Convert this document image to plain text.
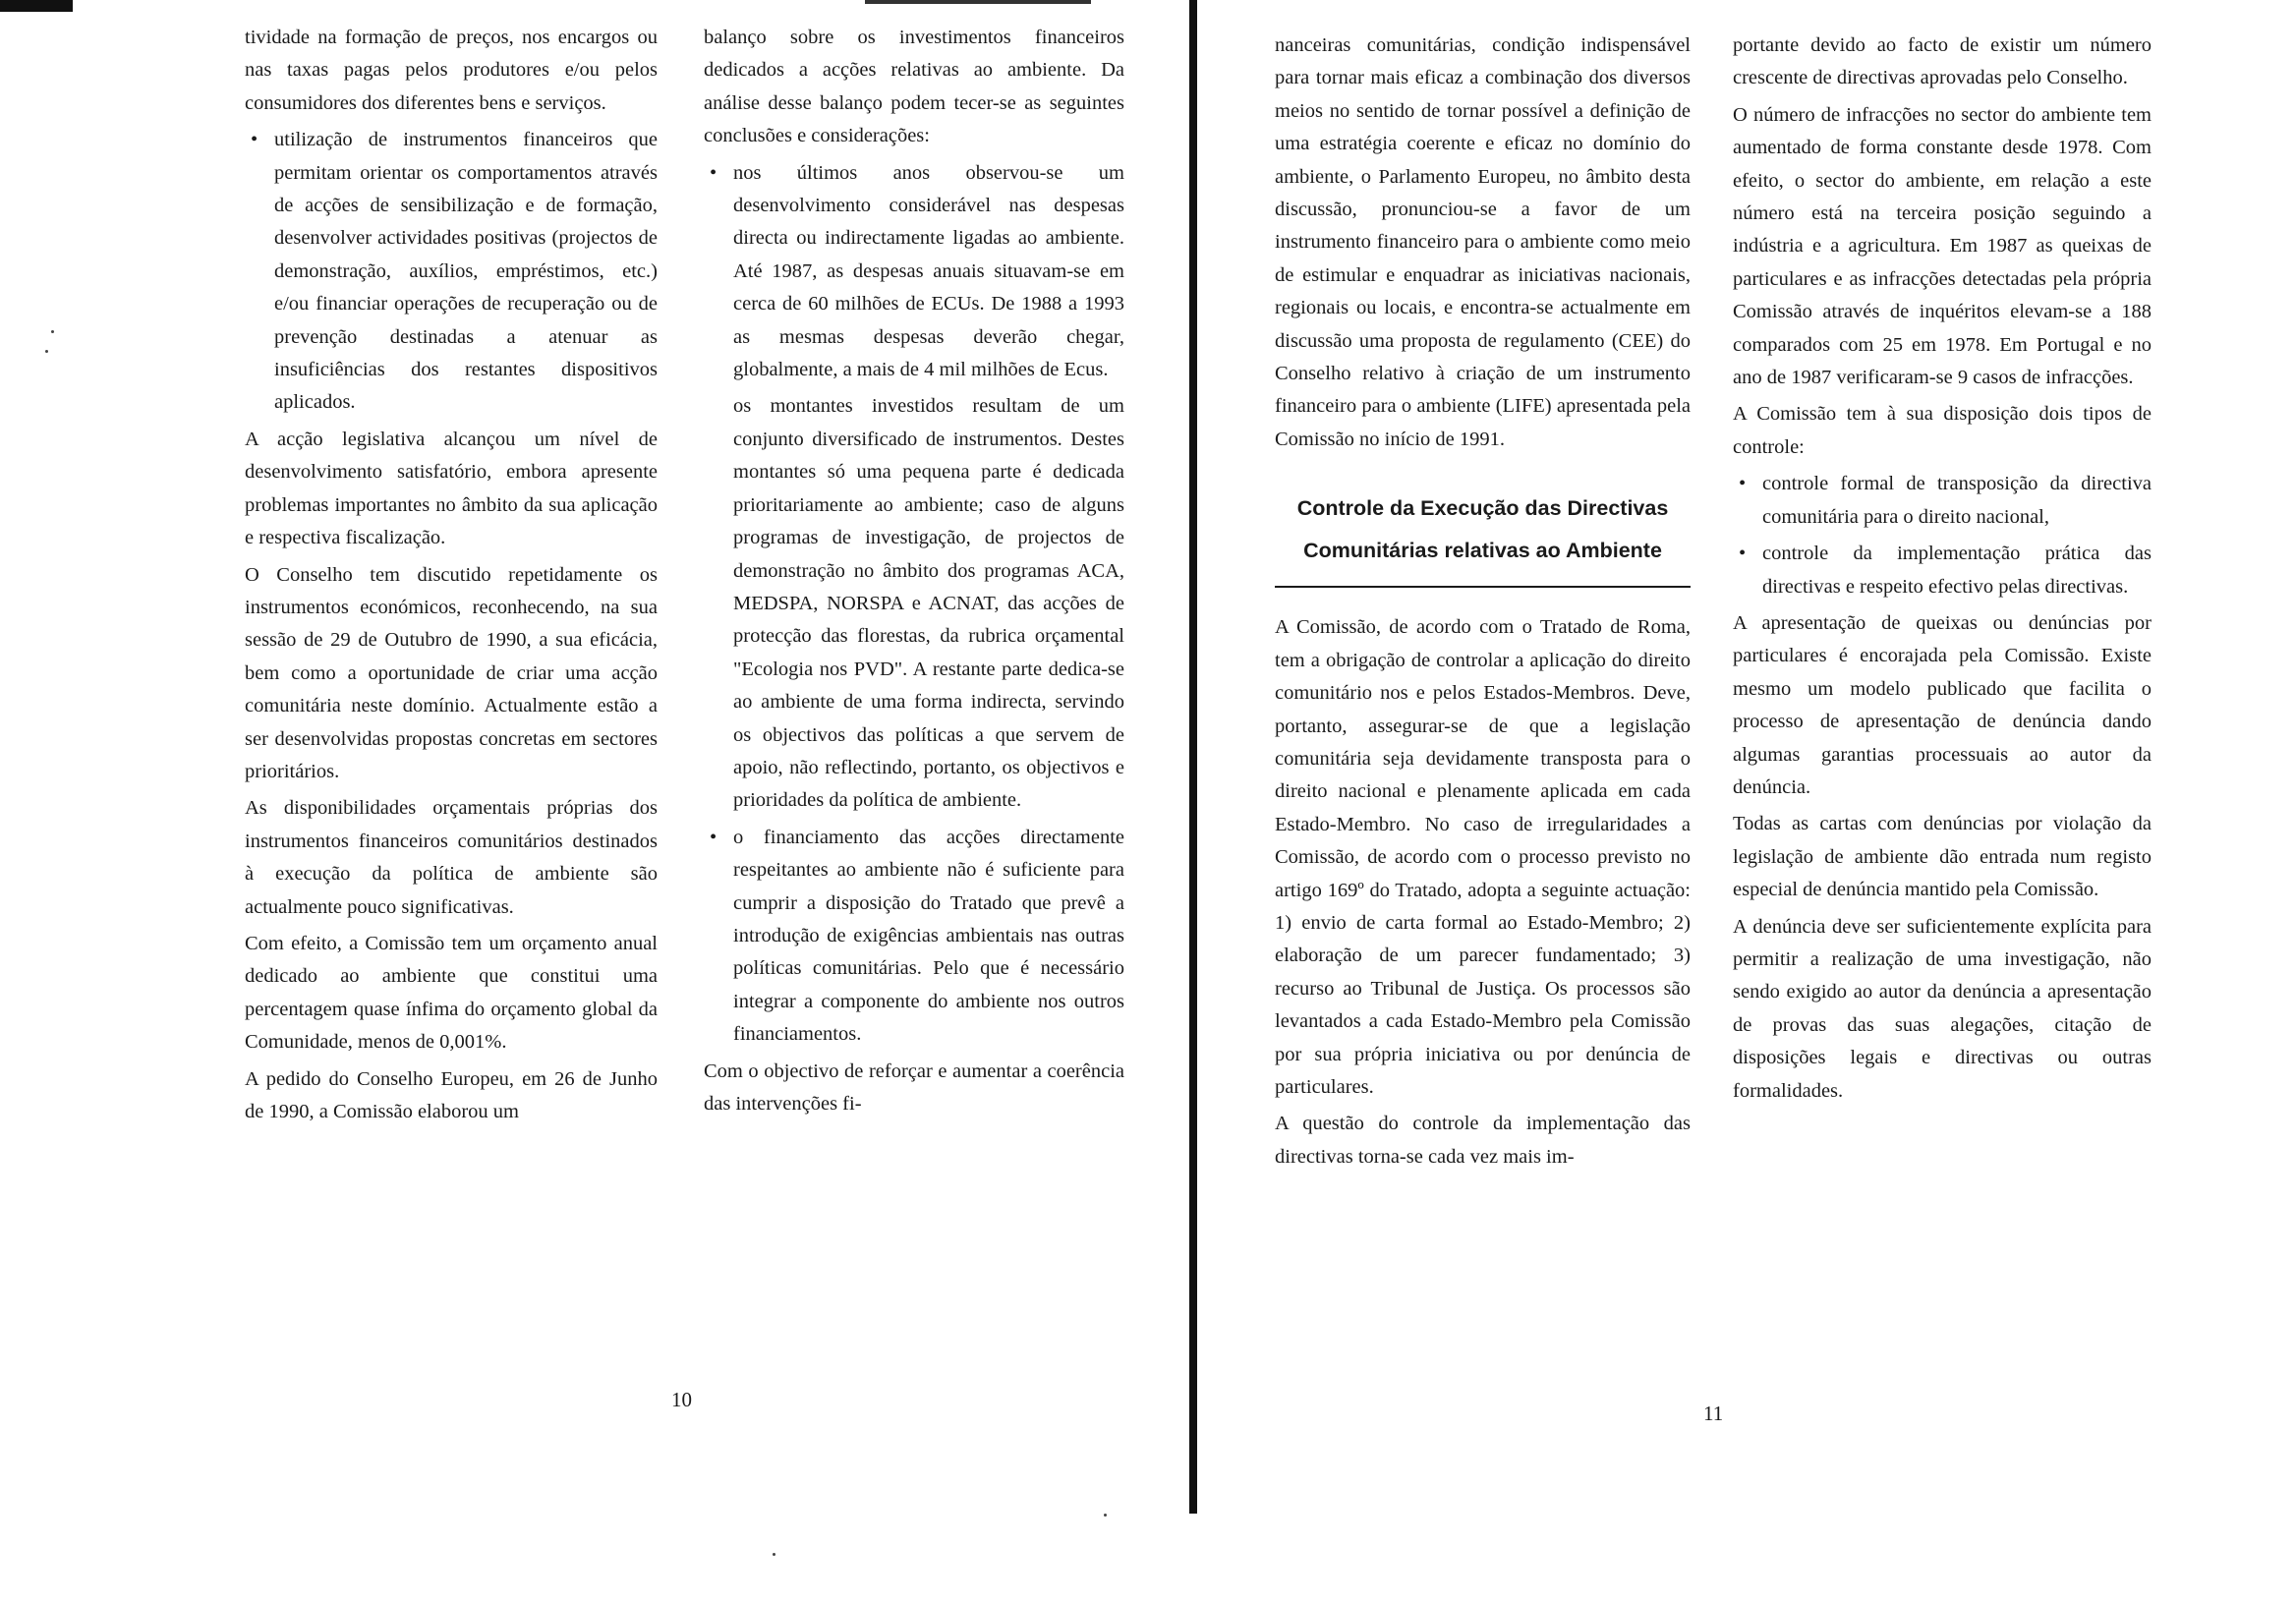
tividade na formação de preços, nos encargos ou nas taxas pagas pelos produtores e/ou pelos consumidores dos diferentes bens e serviços.
• utilização de instrumentos financeiros que permitam orientar os comportamentos através de acções de sensibilização e de formação, desenvolver actividades positivas (projectos de demonstração, auxílios, empréstimos, etc.) e/ou financiar operações de recuperação ou de prevenção destinadas a atenuar as insuficiências dos restantes dispositivos aplicados.

A acção legislativa alcançou um nível de desenvolvimento satisfatório, embora apresente problemas importantes no âmbito da sua aplicação e respectiva fiscalização.

O Conselho tem discutido repetidamente os instrumentos económicos, reconhecendo, na sua sessão de 29 de Outubro de 1990, a sua eficácia, bem como a oportunidade de criar uma acção comunitária neste domínio. Actualmente estão a ser desenvolvidas propostas concretas em sectores prioritários.

As disponibilidades orçamentais próprias dos instrumentos financeiros comunitários destinados à execução da política de ambiente são actualmente pouco significativas.

Com efeito, a Comissão tem um orçamento anual dedicado ao ambiente que constitui uma percentagem quase ínfima do orçamento global da Comunidade, menos de 0,001%.

A pedido do Conselho Europeu, em 26 de Junho de 1990, a Comissão elaborou um

balanço sobre os investimentos financeiros dedicados a acções relativas ao ambiente. Da análise desse balanço podem tecer-se as seguintes conclusões e considerações:

• nos últimos anos observou-se um desenvolvimento considerável nas despesas directa ou indirectamente ligadas ao ambiente. Até 1987, as despesas anuais situavam-se em cerca de 60 milhões de ECUs. De 1988 a 1993 as mesmas despesas deverão chegar, globalmente, a mais de 4 mil milhões de Ecus.
os montantes investidos resultam de um conjunto diversificado de instrumentos. Destes montantes só uma pequena parte é dedicada prioritariamente ao ambiente; caso de alguns programas de investigação, de projectos de demonstração no âmbito dos programas ACA, MEDSPA, NORSPA e ACNAT, das acções de protecção das florestas, da rubrica orçamental "Ecologia nos PVD". A restante parte dedica-se ao ambiente de uma forma indirecta, servindo os objectivos das políticas a que servem de apoio, não reflectindo, portanto, os objectivos e prioridades da política de ambiente.
• o financiamento das acções directamente respeitantes ao ambiente não é suficiente para cumprir a disposição do Tratado que prevê a introdução de exigências ambientais nas outras políticas comunitárias. Pelo que é necessário integrar a componente do ambiente nos outros financiamentos.

Com o objectivo de reforçar e aumentar a coerência das intervenções fi-

10

nanceiras comunitárias, condição indispensável para tornar mais eficaz a combinação dos diversos meios no sentido de tornar possível a definição de uma estratégia coerente e eficaz no domínio do ambiente, o Parlamento Europeu, no âmbito desta discussão, pronunciou-se a favor de um instrumento financeiro para o ambiente como meio de estimular e enquadrar as iniciativas nacionais, regionais ou locais, e encontra-se actualmente em discussão uma proposta de regulamento (CEE) do Conselho relativo à criação de um instrumento financeiro para o ambiente (LIFE) apresentada pela Comissão no início de 1991.

Controle da Execução das Directivas Comunitárias relativas ao Ambiente

A Comissão, de acordo com o Tratado de Roma, tem a obrigação de controlar a aplicação do direito comunitário nos e pelos Estados-Membros. Deve, portanto, assegurar-se de que a legislação comunitária seja devidamente transposta para o direito nacional e plenamente aplicada em cada Estado-Membro. No caso de irregularidades a Comissão, de acordo com o processo previsto no artigo 169º do Tratado, adopta a seguinte actuação: 1) envio de carta formal ao Estado-Membro; 2) elaboração de um parecer fundamentado; 3) recurso ao Tribunal de Justiça. Os processos são levantados a cada Estado-Membro pela Comissão por sua própria iniciativa ou por denúncia de particulares.

A questão do controle da implementação das directivas torna-se cada vez mais im-

portante devido ao facto de existir um número crescente de directivas aprovadas pelo Conselho.

O número de infracções no sector do ambiente tem aumentado de forma constante desde 1978. Com efeito, o sector do ambiente, em relação a este número está na terceira posição seguindo a indústria e a agricultura. Em 1987 as queixas de particulares e as infracções detectadas pela própria Comissão através de inquéritos elevam-se a 188 comparados com 25 em 1978. Em Portugal e no ano de 1987 verificaram-se 9 casos de infracções.

A Comissão tem à sua disposição dois tipos de controle:

• controle formal de transposição da directiva comunitária para o direito nacional,
• controle da implementação prática das directivas e respeito efectivo pelas directivas.

A apresentação de queixas ou denúncias por particulares é encorajada pela Comissão. Existe mesmo um modelo publicado que facilita o processo de apresentação de denúncia dando algumas garantias processuais ao autor da denúncia.

Todas as cartas com denúncias por violação da legislação de ambiente dão entrada num registo especial de denúncia mantido pela Comissão.

A denúncia deve ser suficientemente explícita para permitir a realização de uma investigação, não sendo exigido ao autor da denúncia a apresentação de provas das suas alegações, citação de disposições legais e directivas ou outras formalidades.

11
